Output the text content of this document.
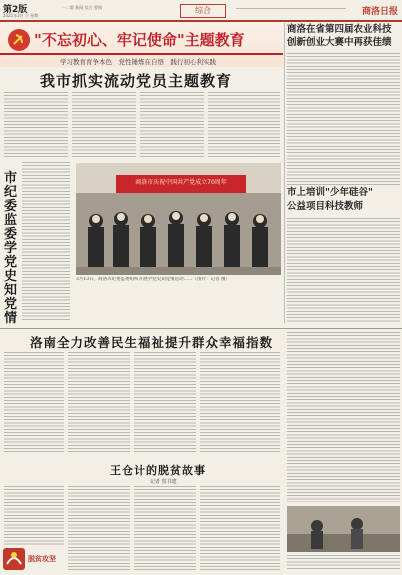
第2版
2021年3月 日 星期
一二版 新闻 综合 要闻	综合	商洛日报
"不忘初心、牢记使命"主题教育
学习教育育争本色　党性锤炼在自悟　践行初心利实践
我市抓实流动党员主题教育
商洛在省第四届农业科技
创新创业大赛中再获佳绩
市纪委监委学党史知党情
商洛市庆祝中国共产党成立70周年
3月13日，商洛市纪委监委组织开展学党史知党情活动……（图片：记者 摄）
市上培训"少年硅谷"
公益项目科技教师
洛南全力改善民生福祉提升群众幸福指数
王仓计的脱贫故事
记者 贺书建
脱贫攻坚
